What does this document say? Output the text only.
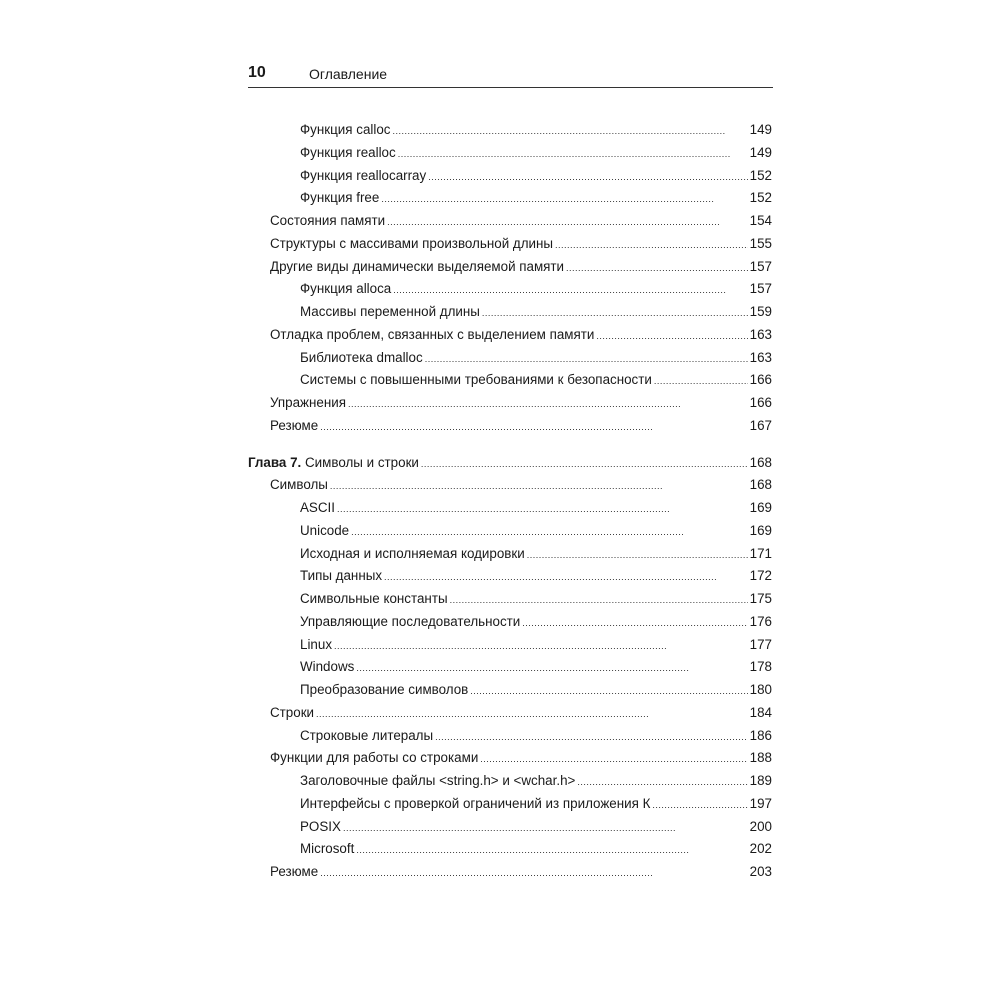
10	Оглавление
Функция calloc . . .	149
Функция realloc . . .	149
Функция reallocarray . . .	152
Функция free . . .	152
Состояния памяти . . .	154
Структуры с массивами произвольной длины . . .	155
Другие виды динамически выделяемой памяти . . .	157
Функция alloca . . .	157
Массивы переменной длины . . .	159
Отладка проблем, связанных с выделением памяти . . .	163
Библиотека dmalloc . . .	163
Системы с повышенными требованиями к безопасности . . .	166
Упражнения . . .	166
Резюме . . .	167
Глава 7. Символы и строки . . .	168
Символы . . .	168
ASCII . . .	169
Unicode . . .	169
Исходная и исполняемая кодировки . . .	171
Типы данных . . .	172
Символьные константы . . .	175
Управляющие последовательности . . .	176
Linux . . .	177
Windows . . .	178
Преобразование символов . . .	180
Строки . . .	184
Строковые литералы . . .	186
Функции для работы со строками . . .	188
Заголовочные файлы <string.h> и <wchar.h> . . .	189
Интерфейсы с проверкой ограничений из приложения К . . .	197
POSIX . . .	200
Microsoft . . .	202
Резюме . . .	203
